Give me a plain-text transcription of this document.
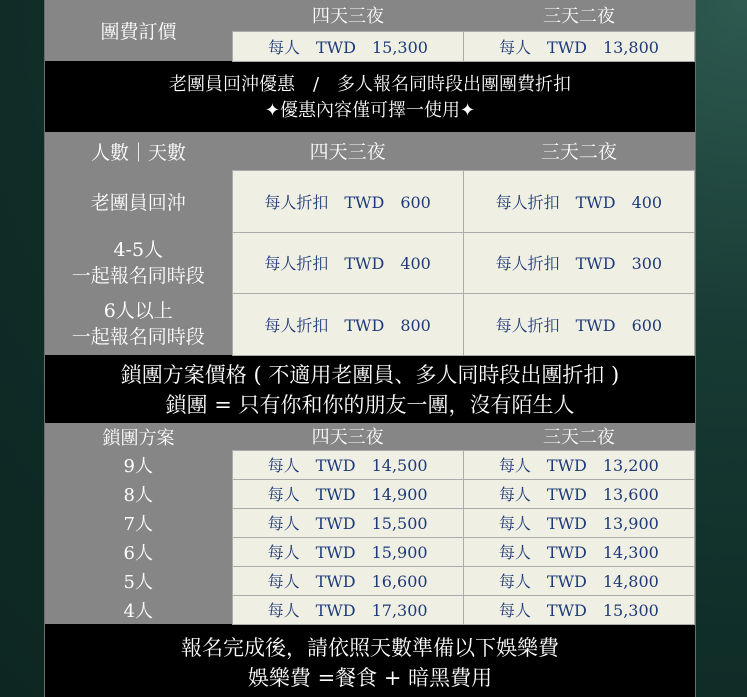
團費訂價	四天三夜	三天二夜
	每人　TWD　15,300	每人　TWD　13,800
老團員回沖優惠　/　多人報名同時段出團團費折扣
✦優惠內容僅可擇一使用✦
人數｜天數	四天三夜	三天二夜
老團員回沖	每人折扣　TWD　600	每人折扣　TWD　400

4-5人
一起報名同時段	每人折扣　TWD　400	每人折扣　TWD　300

6人以上
一起報名同時段	每人折扣　TWD　800	每人折扣　TWD　600
鎖團方案價格 ( 不適用老團員、多人同時段出團折扣 )
鎖團 = 只有你和你的朋友一團，沒有陌生人
鎖團方案	四天三夜	三天二夜
9人	每人　TWD　14,500	每人　TWD　13,200
8人	每人　TWD　14,900	每人　TWD　13,600
7人	每人　TWD　15,500	每人　TWD　13,900
6人	每人　TWD　15,900	每人　TWD　14,300
5人	每人　TWD　16,600	每人　TWD　14,800
4人	每人　TWD　17,300	每人　TWD　15,300
報名完成後，請依照天數準備以下娛樂費
娛樂費 =餐食 + 暗黑費用
